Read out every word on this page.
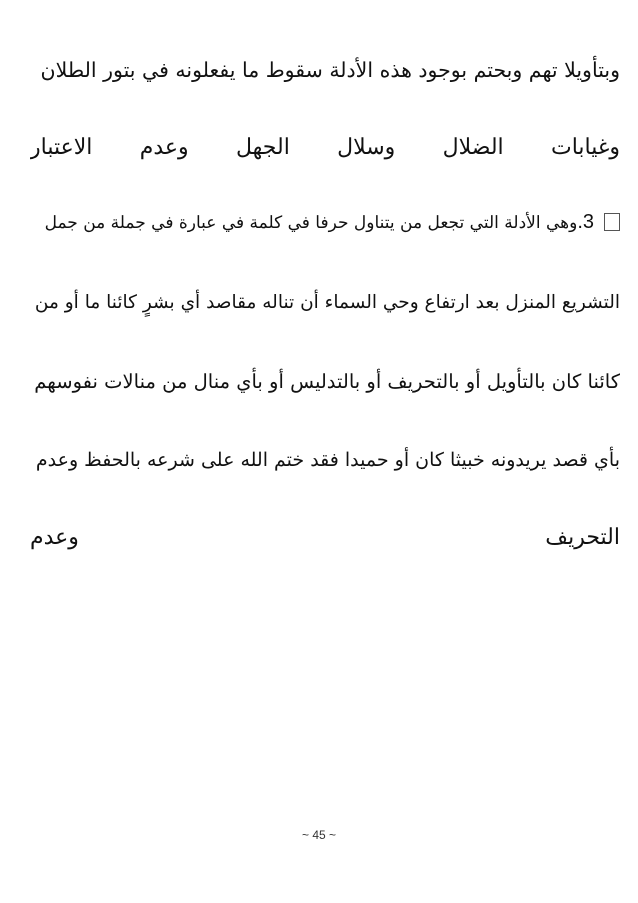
وبتأويلا تهم وبحتم بوجود هذه الأدلة سقوط ما يفعلونه في بتور الطلان
وغيابات
الضلال
وسلال
الجهل
وعدم
الاعتبار
3.وهي الأدلة التي تجعل من يتناول حرفا في كلمة في عبارة في جملة من جمل
التشريع المنزل بعد ارتفاع وحي السماء أن تناله مقاصد أي بشرٍ كائنا ما أو من
كائنا كان بالتأويل أو بالتحريف أو بالتدليس أو بأي منال من منالات نفوسهم
بأي قصد يريدونه خبيثا كان أو حميدا فقد ختم الله على شرعه بالحفظ وعدم
التحريف
وعدم
~ 45 ~
